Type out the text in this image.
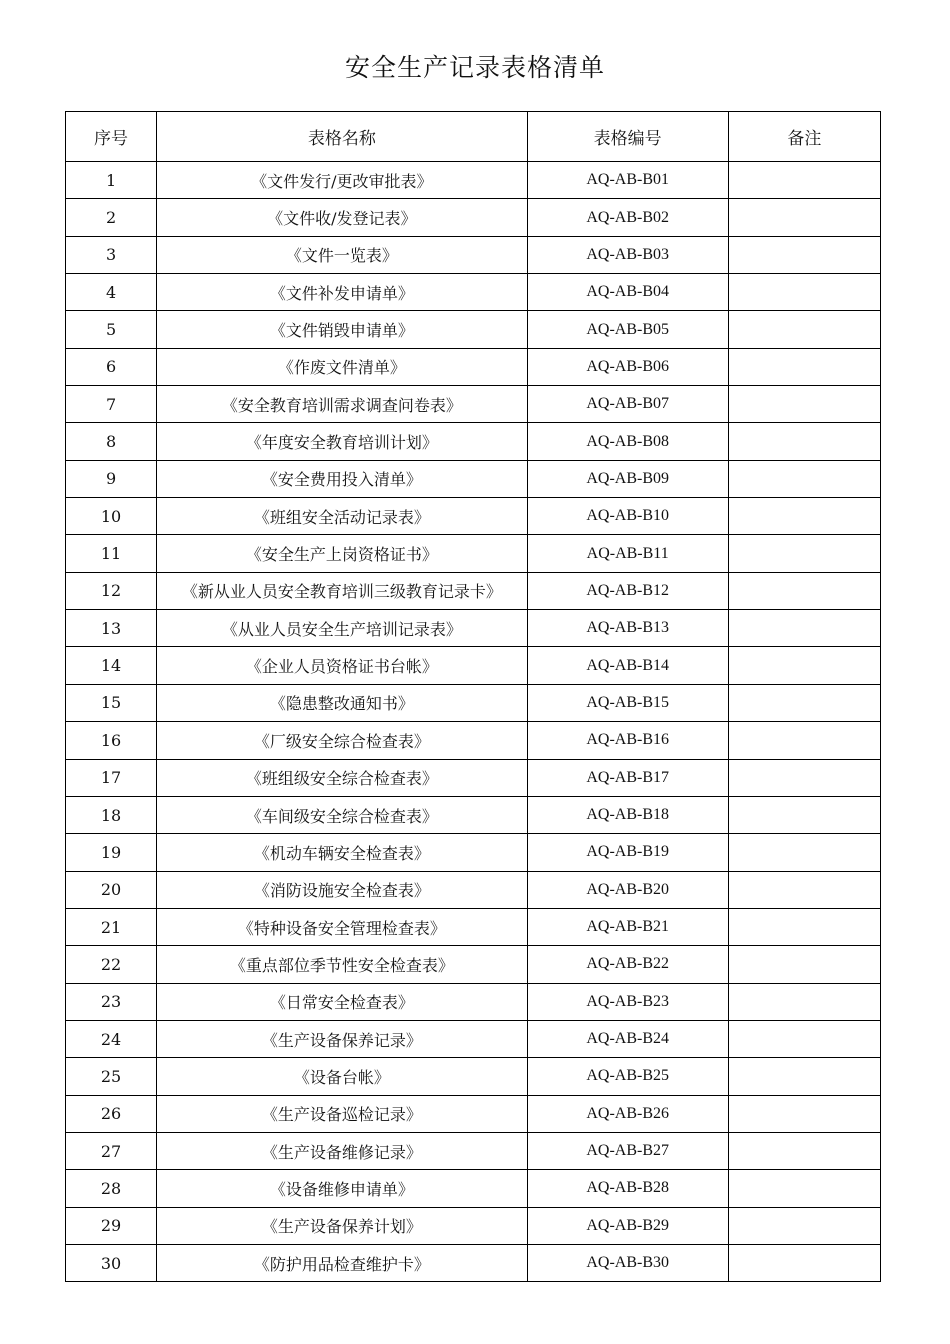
安全生产记录表格清单
序号	表格名称	表格编号	备注
1	《文件发行/更改审批表》	AQ-AB-B01	
2	《文件收/发登记表》	AQ-AB-B02	
3	《文件一览表》	AQ-AB-B03	
4	《文件补发申请单》	AQ-AB-B04	
5	《文件销毁申请单》	AQ-AB-B05	
6	《作废文件清单》	AQ-AB-B06	
7	《安全教育培训需求调查问卷表》	AQ-AB-B07	
8	《年度安全教育培训计划》	AQ-AB-B08	
9	《安全费用投入清单》	AQ-AB-B09	
10	《班组安全活动记录表》	AQ-AB-B10	
11	《安全生产上岗资格证书》	AQ-AB-B11	
12	《新从业人员安全教育培训三级教育记录卡》	AQ-AB-B12	
13	《从业人员安全生产培训记录表》	AQ-AB-B13	
14	《企业人员资格证书台帐》	AQ-AB-B14	
15	《隐患整改通知书》	AQ-AB-B15	
16	《厂级安全综合检查表》	AQ-AB-B16	
17	《班组级安全综合检查表》	AQ-AB-B17	
18	《车间级安全综合检查表》	AQ-AB-B18	
19	《机动车辆安全检查表》	AQ-AB-B19	
20	《消防设施安全检查表》	AQ-AB-B20	
21	《特种设备安全管理检查表》	AQ-AB-B21	
22	《重点部位季节性安全检查表》	AQ-AB-B22	
23	《日常安全检查表》	AQ-AB-B23	
24	《生产设备保养记录》	AQ-AB-B24	
25	《设备台帐》	AQ-AB-B25	
26	《生产设备巡检记录》	AQ-AB-B26	
27	《生产设备维修记录》	AQ-AB-B27	
28	《设备维修申请单》	AQ-AB-B28	
29	《生产设备保养计划》	AQ-AB-B29	
30	《防护用品检查维护卡》	AQ-AB-B30	
